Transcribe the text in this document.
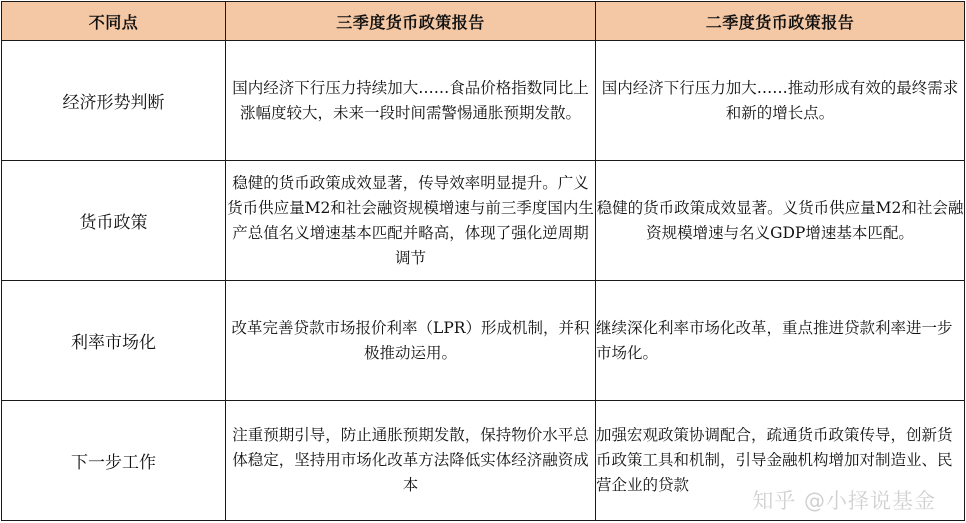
不同点	三季度货币政策报告	二季度货币政策报告
经济形势判断	国内经济下行压力持续加大……食品价格指数同比上涨幅度较大，未来一段时间需警惕通胀预期发散。	国内经济下行压力加大……推动形成有效的最终需求和新的增长点。
货币政策	稳健的货币政策成效显著，传导效率明显提升。广义货币供应量M2和社会融资规模增速与前三季度国内生产总值名义增速基本匹配并略高，体现了强化逆周期调节	稳健的货币政策成效显著。义货币供应量M2和社会融资规模增速与名义GDP增速基本匹配。
利率市场化	改革完善贷款市场报价利率（LPR）形成机制，并积极推动运用。	继续深化利率市场化改革，重点推进贷款利率进一步市场化。
下一步工作	注重预期引导，防止通胀预期发散，保持物价水平总体稳定，坚持用市场化改革方法降低实体经济融资成本	加强宏观政策协调配合，疏通货币政策传导，创新货币政策工具和机制，引导金融机构增加对制造业、民营企业的贷款
知乎 @小择说基金
